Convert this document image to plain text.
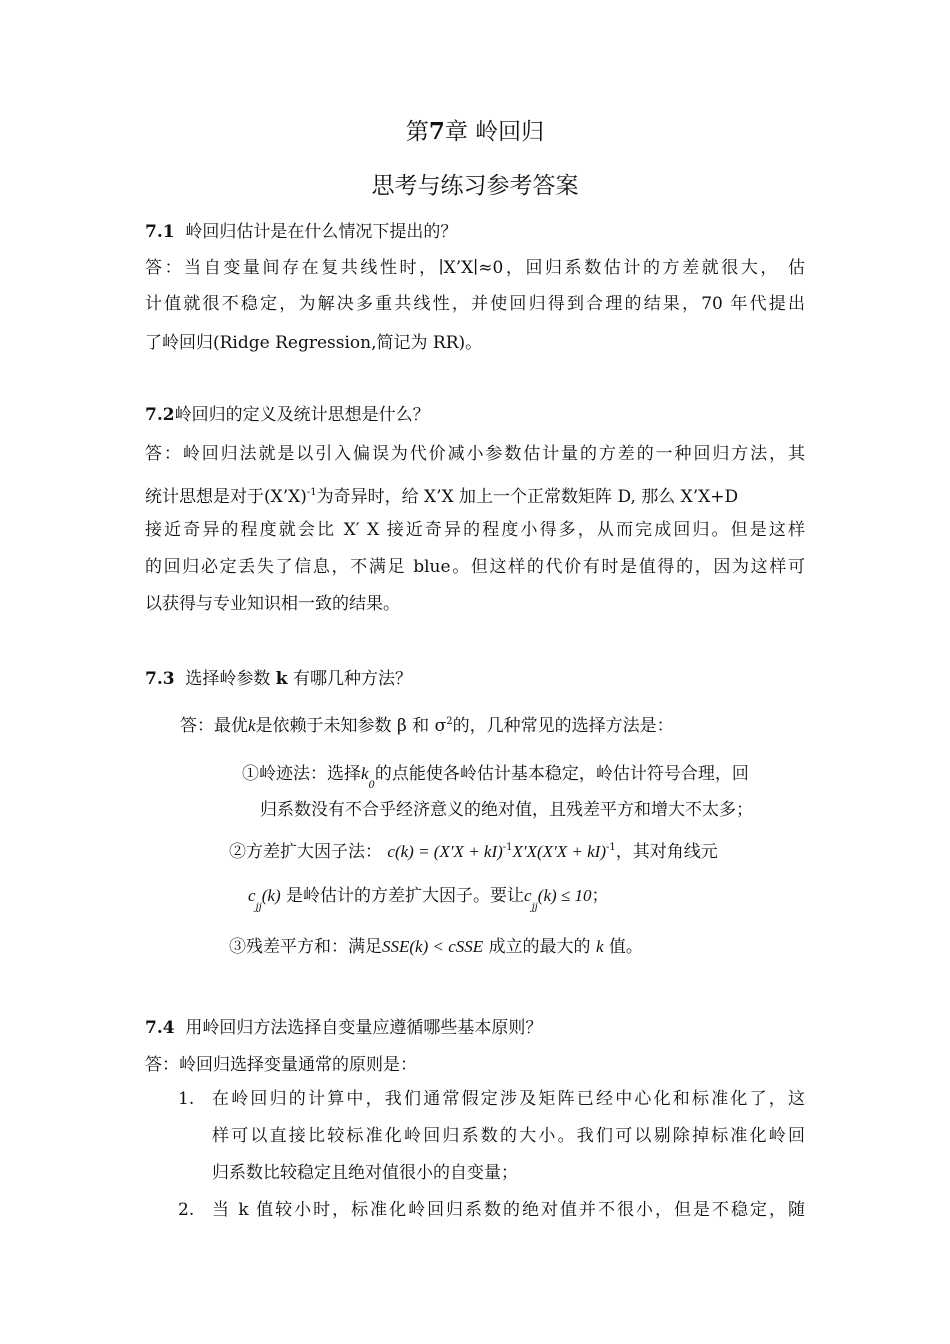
第7章 岭回归
思考与练习参考答案
7.1 岭回归估计是在什么情况下提出的？
答：当自变量间存在复共线性时，∣X’X∣≈0，回归系数估计的方差就很大， 估
计值就很不稳定，为解决多重共线性，并使回归得到合理的结果，70 年代提出
了岭回归(Ridge Regression,简记为 RR)。
7.2岭回归的定义及统计思想是什么？
答：岭回归法就是以引入偏误为代价减小参数估计量的方差的一种回归方法，其
统计思想是对于(X’X)$^{-1}$为奇异时，给 X’X 加上一个正常数矩阵 D, 那么 X’X+D
接近奇异的程度就会比 X′ X 接近奇异的程度小得多，从而完成回归。但是这样
的回归必定丢失了信息，不满足 blue。但这样的代价有时是值得的，因为这样可
以获得与专业知识相一致的结果。
7.3 选择岭参数 k 有哪几种方法？
答：最优k是依赖于未知参数 β 和 $\sigma^2$的，几种常见的选择方法是：
①岭迹法：选择$k_0$的点能使各岭估计基本稳定，岭估计符号合理，回
归系数没有不合乎经济意义的绝对值，且残差平方和增大不太多；
②方差扩大因子法： c(k) = (X′X + kI)$^{-1}$X′X(X′X + kI)$^{-1}$，其对角线元
$c_{jj}(k)$ 是岭估计的方差扩大因子。要让$c_{jj}(k) \le 10$；
③残差平方和：满足SSE(k) < cSSE 成立的最大的 k 值。
7.4 用岭回归方法选择自变量应遵循哪些基本原则？
答：岭回归选择变量通常的原则是：
1. 在岭回归的计算中，我们通常假定涉及矩阵已经中心化和标准化了，这
样可以直接比较标准化岭回归系数的大小。我们可以剔除掉标准化岭回
归系数比较稳定且绝对值很小的自变量；
2. 当 k 值较小时，标准化岭回归系数的绝对值并不很小，但是不稳定，随
